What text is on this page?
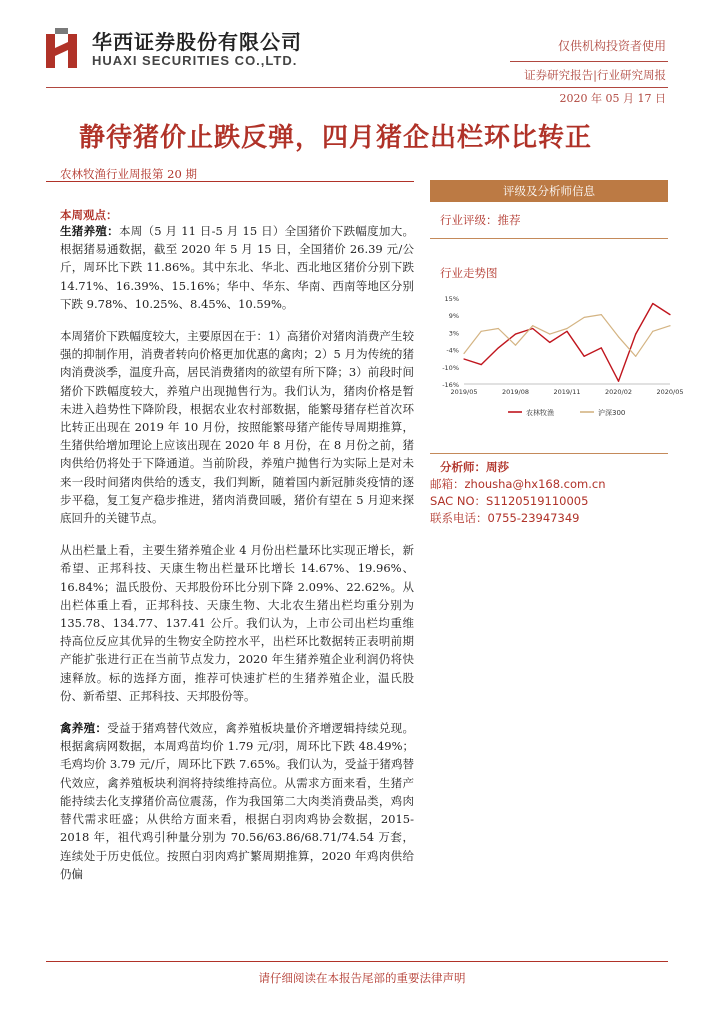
华西证券股份有限公司
HUAXI SECURITIES CO.,LTD.
仅供机构投资者使用
证券研究报告|行业研究周报
2020 年 05 月 17 日
静待猪价止跌反弹，四月猪企出栏环比转正
农林牧渔行业周报第 20 期
本周观点：

生猪养殖：本周（5 月 11 日-5 月 15 日）全国猪价下跌幅度加大。根据猪易通数据，截至 2020 年 5 月 15 日，全国猪价 26.39 元/公斤，周环比下跌 11.86%。其中东北、华北、西北地区猪价分别下跌 14.71%、16.39%、15.16%；华中、华东、华南、西南等地区分别下跌 9.78%、10.25%、8.45%、10.59%。

本周猪价下跌幅度较大，主要原因在于：1）高猪价对猪肉消费产生较强的抑制作用，消费者转向价格更加优惠的禽肉；2）5 月为传统的猪肉消费淡季，温度升高，居民消费猪肉的欲望有所下降；3）前段时间猪价下跌幅度较大，养殖户出现抛售行为。我们认为，猪肉价格是暂未进入趋势性下降阶段，根据农业农村部数据，能繁母猪存栏首次环比转正出现在 2019 年 10 月份，按照能繁母猪产能传导周期推算，生猪供给增加理论上应该出现在 2020 年 8 月份，在 8 月份之前，猪肉供给仍将处于下降通道。当前阶段，养殖户抛售行为实际上是对未来一段时间猪肉供给的透支，我们判断，随着国内新冠肺炎疫情的逐步平稳，复工复产稳步推进，猪肉消费回暖，猪价有望在 5 月迎来探底回升的关键节点。

从出栏量上看，主要生猪养殖企业 4 月份出栏量环比实现正增长，新希望、正邦科技、天康生物出栏量环比增长 14.67%、19.96%、16.84%；温氏股份、天邦股份环比分别下降 2.09%、22.62%。从出栏体重上看，正邦科技、天康生物、大北农生猪出栏均重分别为 135.78、134.77、137.41 公斤。我们认为，上市公司出栏均重维持高位反应其优异的生物安全防控水平，出栏环比数据转正表明前期产能扩张进行正在当前节点发力，2020 年生猪养殖企业利润仍将快速释放。标的选择方面，推荐可快速扩栏的生猪养殖企业，温氏股份、新希望、正邦科技、天邦股份等。

禽养殖：受益于猪鸡替代效应，禽养殖板块量价齐增逻辑持续兑现。根据禽病网数据，本周鸡苗均价 1.79 元/羽，周环比下跌 48.49%；毛鸡均价 3.79 元/斤，周环比下跌 7.65%。我们认为，受益于猪鸡替代效应，禽养殖板块利润将持续维持高位。从需求方面来看，生猪产能持续去化支撑猪价高位震荡，作为我国第二大肉类消费品类，鸡肉替代需求旺盛；从供给方面来看，根据白羽肉鸡协会数据，2015-2018 年，祖代鸡引种量分别为 70.56/63.86/68.71/74.54 万套，连续处于历史低位。按照白羽肉鸡扩繁周期推算，2020 年鸡肉供给仍偏

评级及分析师信息
行业评级：推荐
行业走势图
15%
9%
3%
-4%
-10%
-16%
2019/05	2019/08	2019/11	2020/02	2020/05
农林牧渔	沪深300
分析师：周莎
邮箱：zhousha@hx168.com.cn
SAC NO：S1120519110005
联系电话：0755-23947349
请仔细阅读在本报告尾部的重要法律声明
